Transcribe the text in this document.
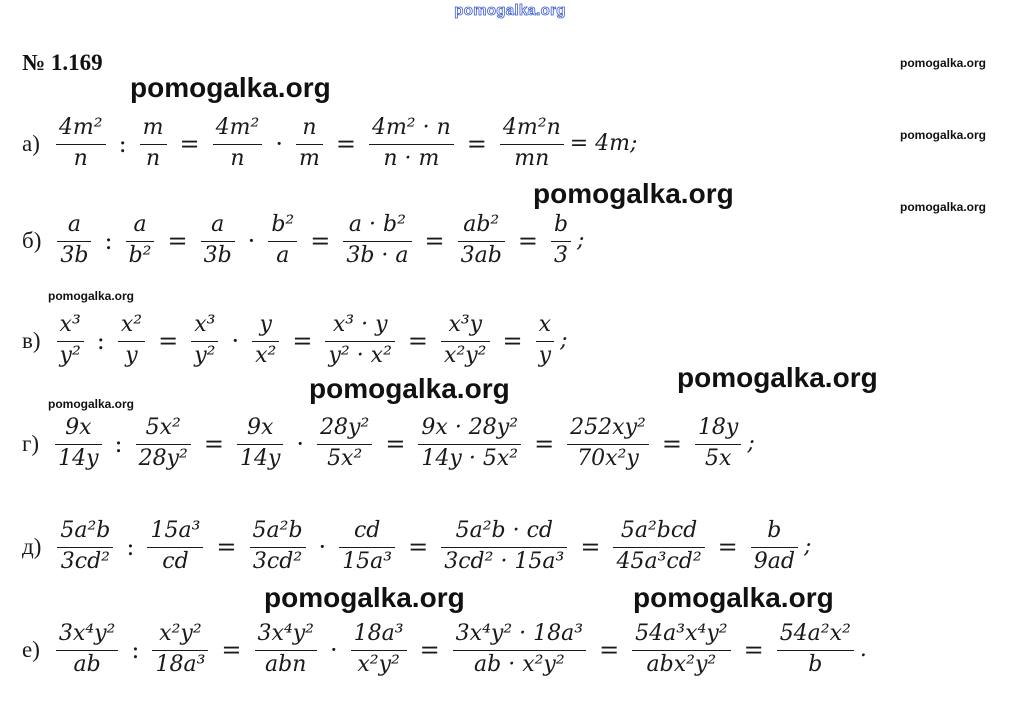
pomogalka.org
№ 1.169	pomogalka.org
pomogalka.org
pomogalka.org
pomogalka.org
pomogalka.org
$а) \frac{\text{4m²}}{n}$ : $\frac{m}{n} = \frac{\text{4m²}}{n} \cdot \frac{n}{m} = \frac{\text{4m² · n}}{n \cdot m} = \frac{\text{4m²n}}{mn} = 4m$;
$б) \frac{a}{3b}$ : $\frac{a}{\text{b²}} = \frac{a}{3b} \cdot \frac{\text{b²}}{a} = \frac{\text{a · b²}}{3b \cdot a} = \frac{\text{ab²}}{3ab} = \frac{b}{3}$ ;
$в) \frac{\text{x³}}{\text{y²}}$ : $\frac{\text{x²}}{y} = \frac{\text{x³}}{\text{y²}} \cdot \frac{y}{\text{x²}} = \frac{\text{x³ · y}}{\text{y² · x²}} = \frac{\text{x³y}}{\text{x²y²}} = \frac{x}{y}$ ;
$г) \frac{9x}{14y}$ : $\frac{\text{5x²}}{\text{28y²}} = \frac{9x}{14y} \cdot \frac{\text{28y²}}{\text{5x²}} = \frac{\text{9x · 28y²}}{\text{14y · 5x²}} = \frac{\text{252xy²}}{\text{70x²y}} = \frac{18y}{5x}$ ;
$д) \frac{\text{5a²b}}{\text{3cd²}}$ : $\frac{\text{15a³}}{cd} = \frac{\text{5a²b}}{\text{3cd²}} \cdot \frac{cd}{\text{15a³}} = \frac{\text{5a²b · cd}}{\text{3cd² · 15a³}} = \frac{\text{5a²bcd}}{\text{45a³cd²}} = \frac{b}{9ad}$ ;
$е) \frac{\text{3x⁴y²}}{ab}$ : $\frac{\text{x²y²}}{\text{18a³}} = \frac{\text{3x⁴y²}}{\text{abn}} \cdot \frac{\text{18a³}}{\text{x²y²}} = \frac{\text{3x⁴y² · 18a³}}{\text{ab · x²y²}} = \frac{\text{54a³x⁴y²}}{\text{abx²y²}} = \frac{\text{54a²x²}}{b}$ .
pomogalka.org
pomogalka.org
pomogalka.org	pomogalka.org
pomogalka.org	pomogalka.org
